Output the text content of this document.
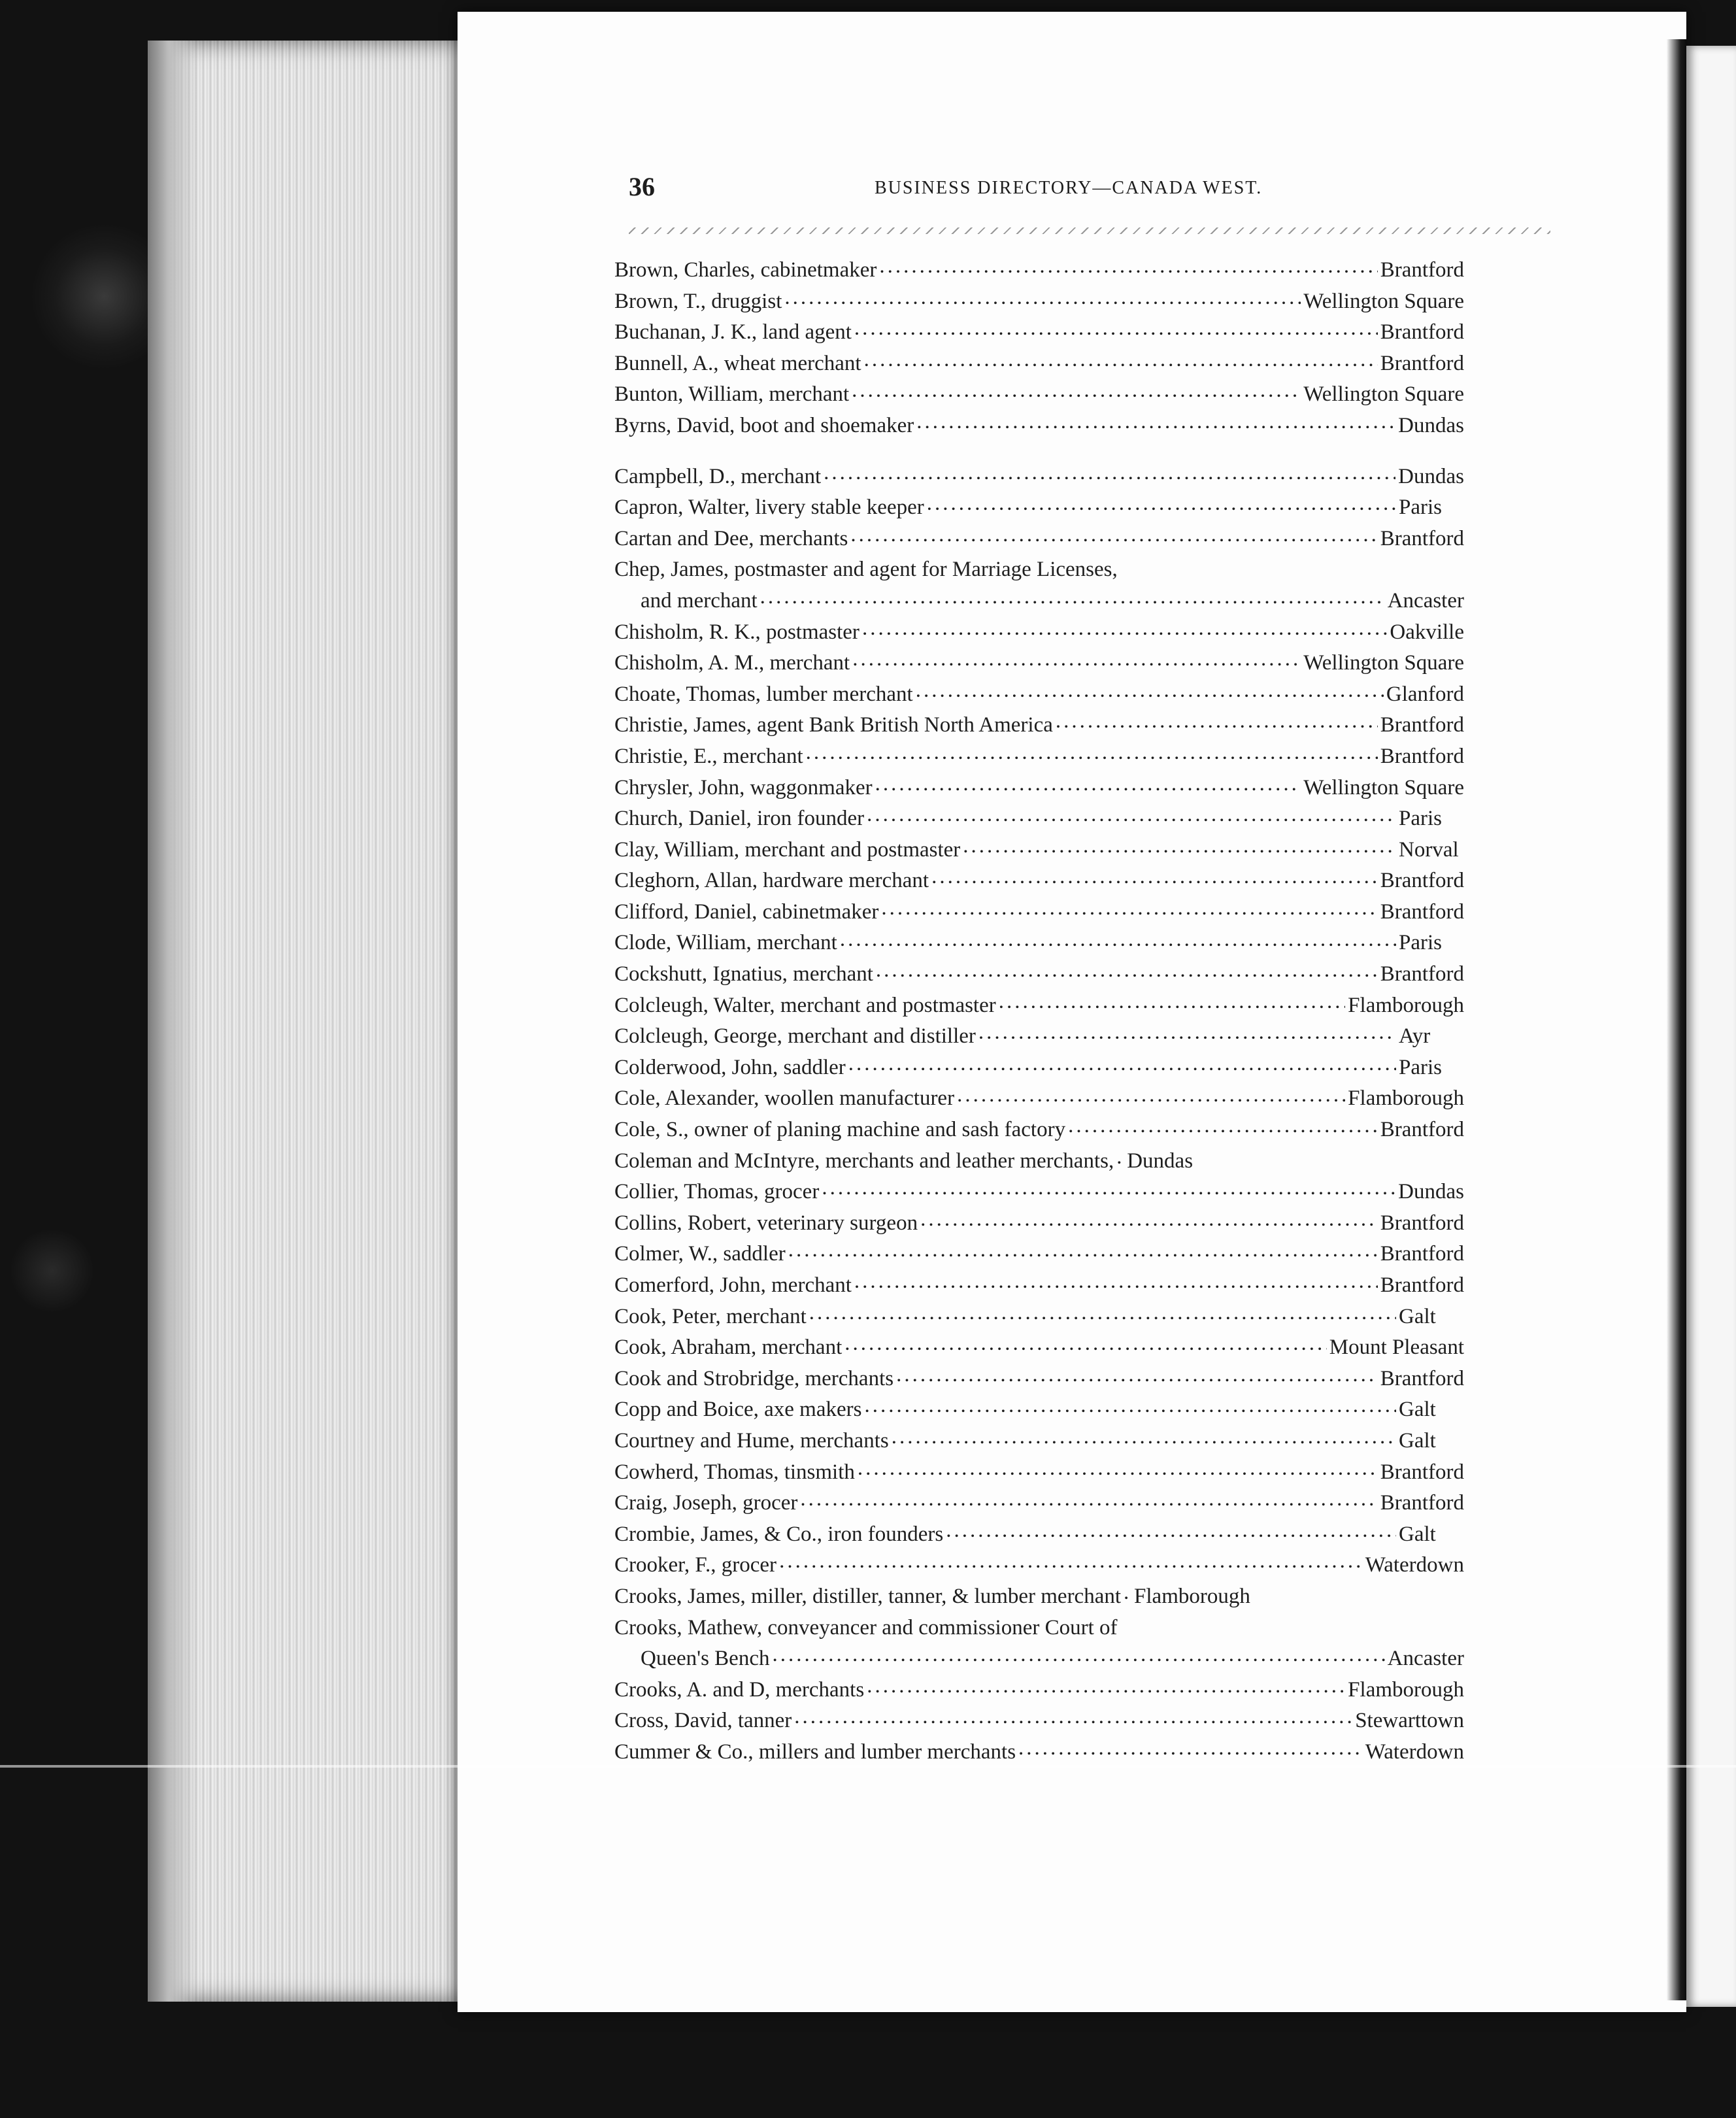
36	BUSINESS DIRECTORY—CANADA WEST.
Brown, Charles, cabinetmaker .....	Brantford
Brown, T., druggist .....	Wellington Square
Buchanan, J. K., land agent .....	Brantford
Bunnell, A., wheat merchant .....	Brantford
Bunton, William, merchant .....	Wellington Square
Byrns, David, boot and shoemaker .....	Dundas
Campbell, D., merchant .....	Dundas
Capron, Walter, livery stable keeper .....	Paris
Cartan and Dee, merchants .....	Brantford
Chep, James, postmaster and agent for Marriage Licenses,
and merchant .....	Ancaster
Chisholm, R. K., postmaster .....	Oakville
Chisholm, A. M., merchant .....	Wellington Square
Choate, Thomas, lumber merchant .....	Glanford
Christie, James, agent Bank British North America .....	Brantford
Christie, E., merchant .....	Brantford
Chrysler, John, waggonmaker .....	Wellington Square
Church, Daniel, iron founder .....	Paris
Clay, William, merchant and postmaster .....	Norval
Cleghorn, Allan, hardware merchant .....	Brantford
Clifford, Daniel, cabinetmaker .....	Brantford
Clode, William, merchant .....	Paris
Cockshutt, Ignatius, merchant .....	Brantford
Colcleugh, Walter, merchant and postmaster .....	Flamborough
Colcleugh, George, merchant and distiller .....	Ayr
Colderwood, John, saddler .....	Paris
Cole, Alexander, woollen manufacturer .....	Flamborough
Cole, S., owner of planing machine and sash factory .....	Brantford
Coleman and McIntyre, merchants and leather merchants, ..... Dundas
Collier, Thomas, grocer .....	Dundas
Collins, Robert, veterinary surgeon .....	Brantford
Colmer, W., saddler .....	Brantford
Comerford, John, merchant .....	Brantford
Cook, Peter, merchant .....	Galt
Cook, Abraham, merchant .....	Mount Pleasant
Cook and Strobridge, merchants .....	Brantford
Copp and Boice, axe makers .....	Galt
Courtney and Hume, merchants .....	Galt
Cowherd, Thomas, tinsmith .....	Brantford
Craig, Joseph, grocer .....	Brantford
Crombie, James, & Co., iron founders .....	Galt
Crooker, F., grocer .....	Waterdown
Crooks, James, miller, distiller, tanner, & lumber merchant ..... Flamborough
Crooks, Mathew, conveyancer and commissioner Court of
Queen's Bench .....	Ancaster
Crooks, A. and D, merchants .....	Flamborough
Cross, David, tanner .....	Stewarttown
Cummer & Co., millers and lumber merchants .....	Waterdown
